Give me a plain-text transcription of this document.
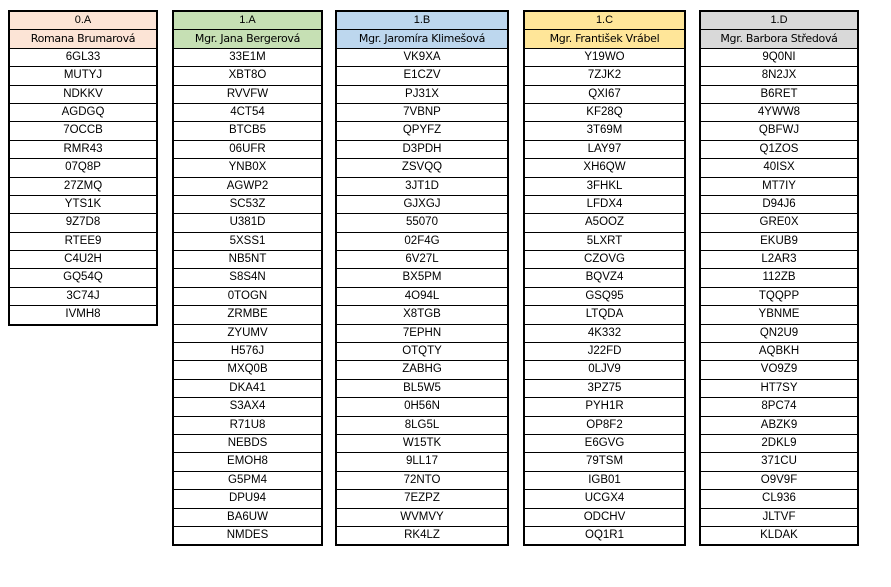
0.A
Romana Brumarová
6GL33
MUTYJ
NDKKV
AGDGQ
7OCCB
RMR43
07Q8P
27ZMQ
YTS1K
9Z7D8
RTEE9
C4U2H
GQ54Q
3C74J
IVMH8
1.A
Mgr. Jana Bergerová
33E1M
XBT8O
RVVFW
4CT54
BTCB5
06UFR
YNB0X
AGWP2
SC53Z
U381D
5XSS1
NB5NT
S8S4N
0TOGN
ZRMBE
ZYUMV
H576J
MXQ0B
DKA41
S3AX4
R71U8
NEBDS
EMOH8
G5PM4
DPU94
BA6UW
NMDES
1.B
Mgr. Jaromíra Klimešová
VK9XA
E1CZV
PJ31X
7VBNP
QPYFZ
D3PDH
ZSVQQ
3JT1D
GJXGJ
55070
02F4G
6V27L
BX5PM
4O94L
X8TGB
7EPHN
OTQTY
ZABHG
BL5W5
0H56N
8LG5L
W15TK
9LL17
72NTO
7EZPZ
WVMVY
RK4LZ
1.C
Mgr. František Vrábel
Y19WO
7ZJK2
QXI67
KF28Q
3T69M
LAY97
XH6QW
3FHKL
LFDX4
A5OOZ
5LXRT
CZOVG
BQVZ4
GSQ95
LTQDA
4K332
J22FD
0LJV9
3PZ75
PYH1R
OP8F2
E6GVG
79TSM
IGB01
UCGX4
ODCHV
OQ1R1
1.D
Mgr. Barbora Středová
9Q0NI
8N2JX
B6RET
4YWW8
QBFWJ
Q1ZOS
40ISX
MT7IY
D94J6
GRE0X
EKUB9
L2AR3
112ZB
TQQPP
YBNME
QN2U9
AQBKH
VO9Z9
HT7SY
8PC74
ABZK9
2DKL9
371CU
O9V9F
CL936
JLTVF
KLDAK
